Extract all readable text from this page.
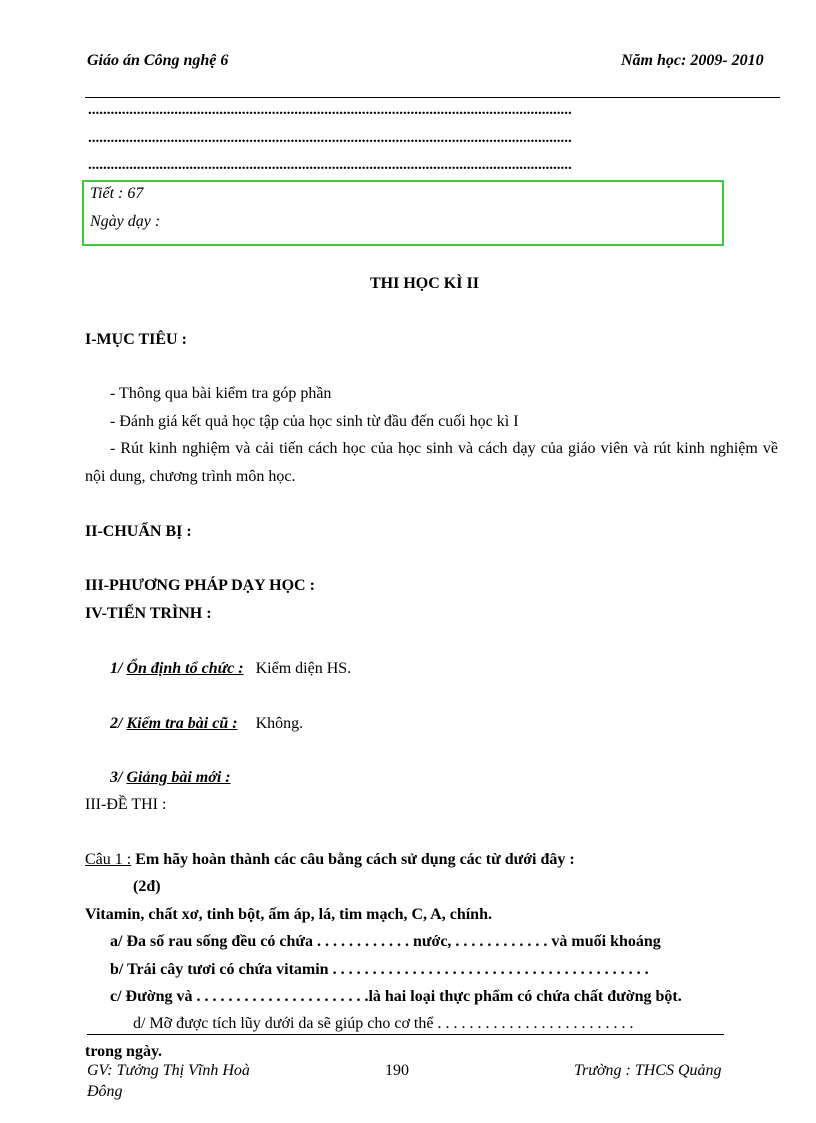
Giáo án Công nghệ 6	Năm học: 2009- 2010
.................................................................................................................................
.................................................................................................................................
.................................................................................................................................
Tiết : 67
Ngày dạy :
THI HỌC KÌ II
I-MỤC TIÊU :
- Thông qua bài kiểm tra góp phần
- Đánh giá kết quả học tập của học sinh từ đầu đến cuối học kì I
- Rút kinh nghiệm và cải tiến cách học của học sinh và cách dạy của giáo viên và rút kinh nghiệm về nội dung, chương trình môn học.
II-CHUẨN BỊ :
III-PHƯƠNG PHÁP DẠY HỌC :
IV-TIẾN TRÌNH :
1/ Ổn định tổ chức : Kiểm diện HS.
2/ Kiểm tra bài cũ : Không.
3/ Giảng bài mới :
III-ĐỀ THI :
Câu 1 : Em hãy hoàn thành các câu bằng cách sử dụng các từ dưới đây :
(2đ)
Vitamin, chất xơ, tinh bột, ấm áp, lá, tim mạch, C, A, chính.
a/ Đa số rau sống đều có chứa . . . . . . . . . . . . nước, . . . . . . . . . . . . và muối khoáng
b/ Trái cây tươi có chứa vitamin . . . . . . . . . . . . . . . . . . . . . . . . . . . . . . . . . . . . . . . .
c/ Đường và . . . . . . . . . . . . . . . . . . . . . .là hai loại thực phẩm có chứa chất đường bột.
d/ Mỡ được tích lũy dưới da sẽ giúp cho cơ thể . . . . . . . . . . . . . . . . . . . . . . . . .
trong ngày.
GV: Tưởng Thị Vĩnh Hoà	190	Trường : THCS Quảng
Đông
